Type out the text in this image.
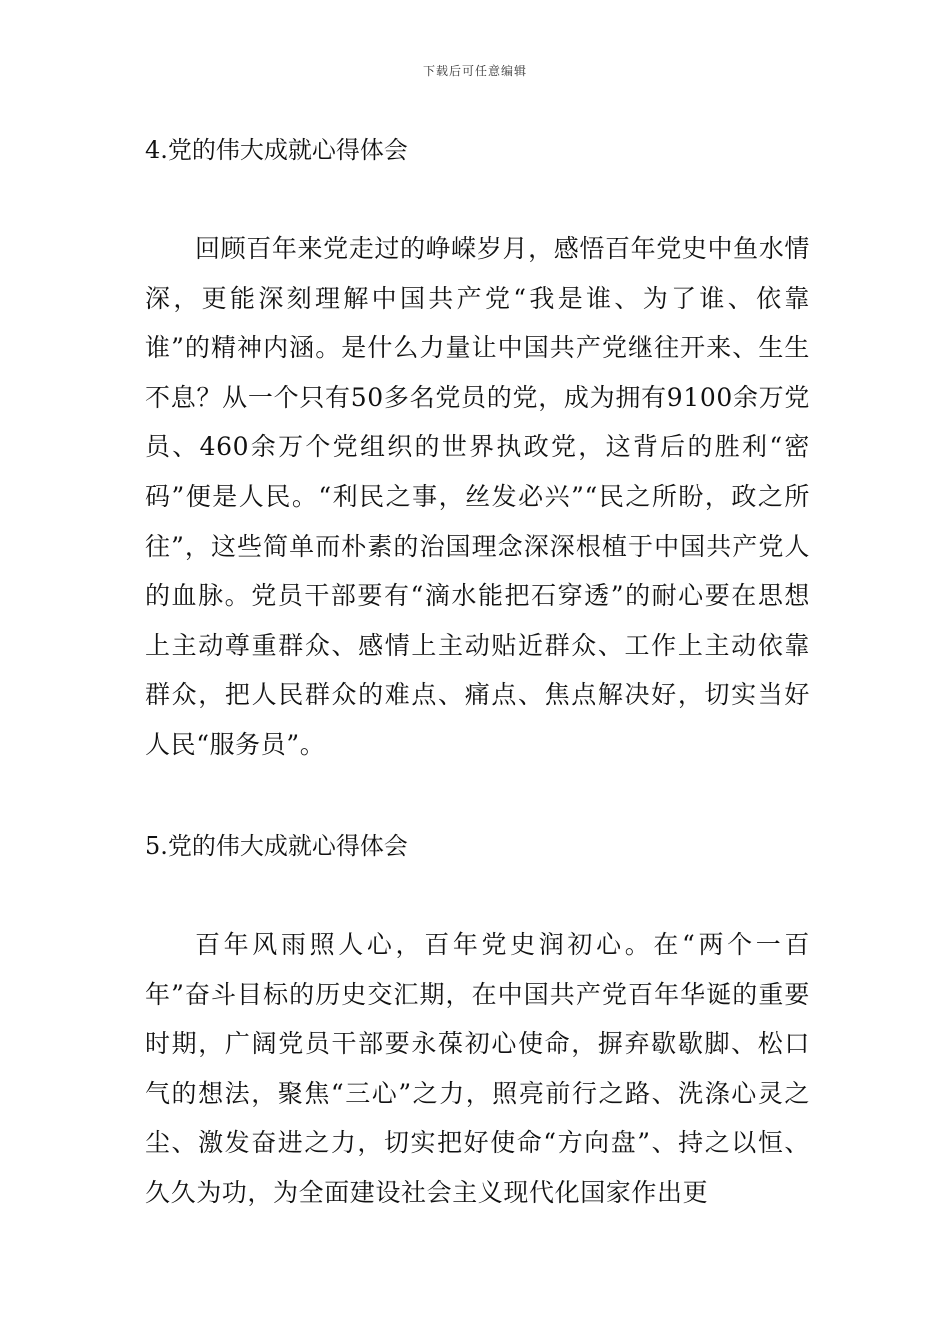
下载后可任意编辑
4.党的伟大成就心得体会

回顾百年来党走过的峥嵘岁月，感悟百年党史中鱼水情深，更能深刻理解中国共产党“我是谁、为了谁、依靠谁”的精神内涵。是什么力量让中国共产党继往开来、生生不息？从一个只有50多名党员的党，成为拥有9100余万党员、460余万个党组织的世界执政党，这背后的胜利“密码”便是人民。“利民之事，丝发必兴”“民之所盼，政之所往”，这些简单而朴素的治国理念深深根植于中国共产党人的血脉。党员干部要有“滴水能把石穿透”的耐心要在思想上主动尊重群众、感情上主动贴近群众、工作上主动依靠群众，把人民群众的难点、痛点、焦点解决好，切实当好人民“服务员”。

5.党的伟大成就心得体会

百年风雨照人心，百年党史润初心。在“两个一百年”奋斗目标的历史交汇期，在中国共产党百年华诞的重要时期，广阔党员干部要永葆初心使命，摒弃歇歇脚、松口气的想法，聚焦“三心”之力，照亮前行之路、洗涤心灵之尘、激发奋进之力，切实把好使命“方向盘”、持之以恒、久久为功，为全面建设社会主义现代化国家作出更
